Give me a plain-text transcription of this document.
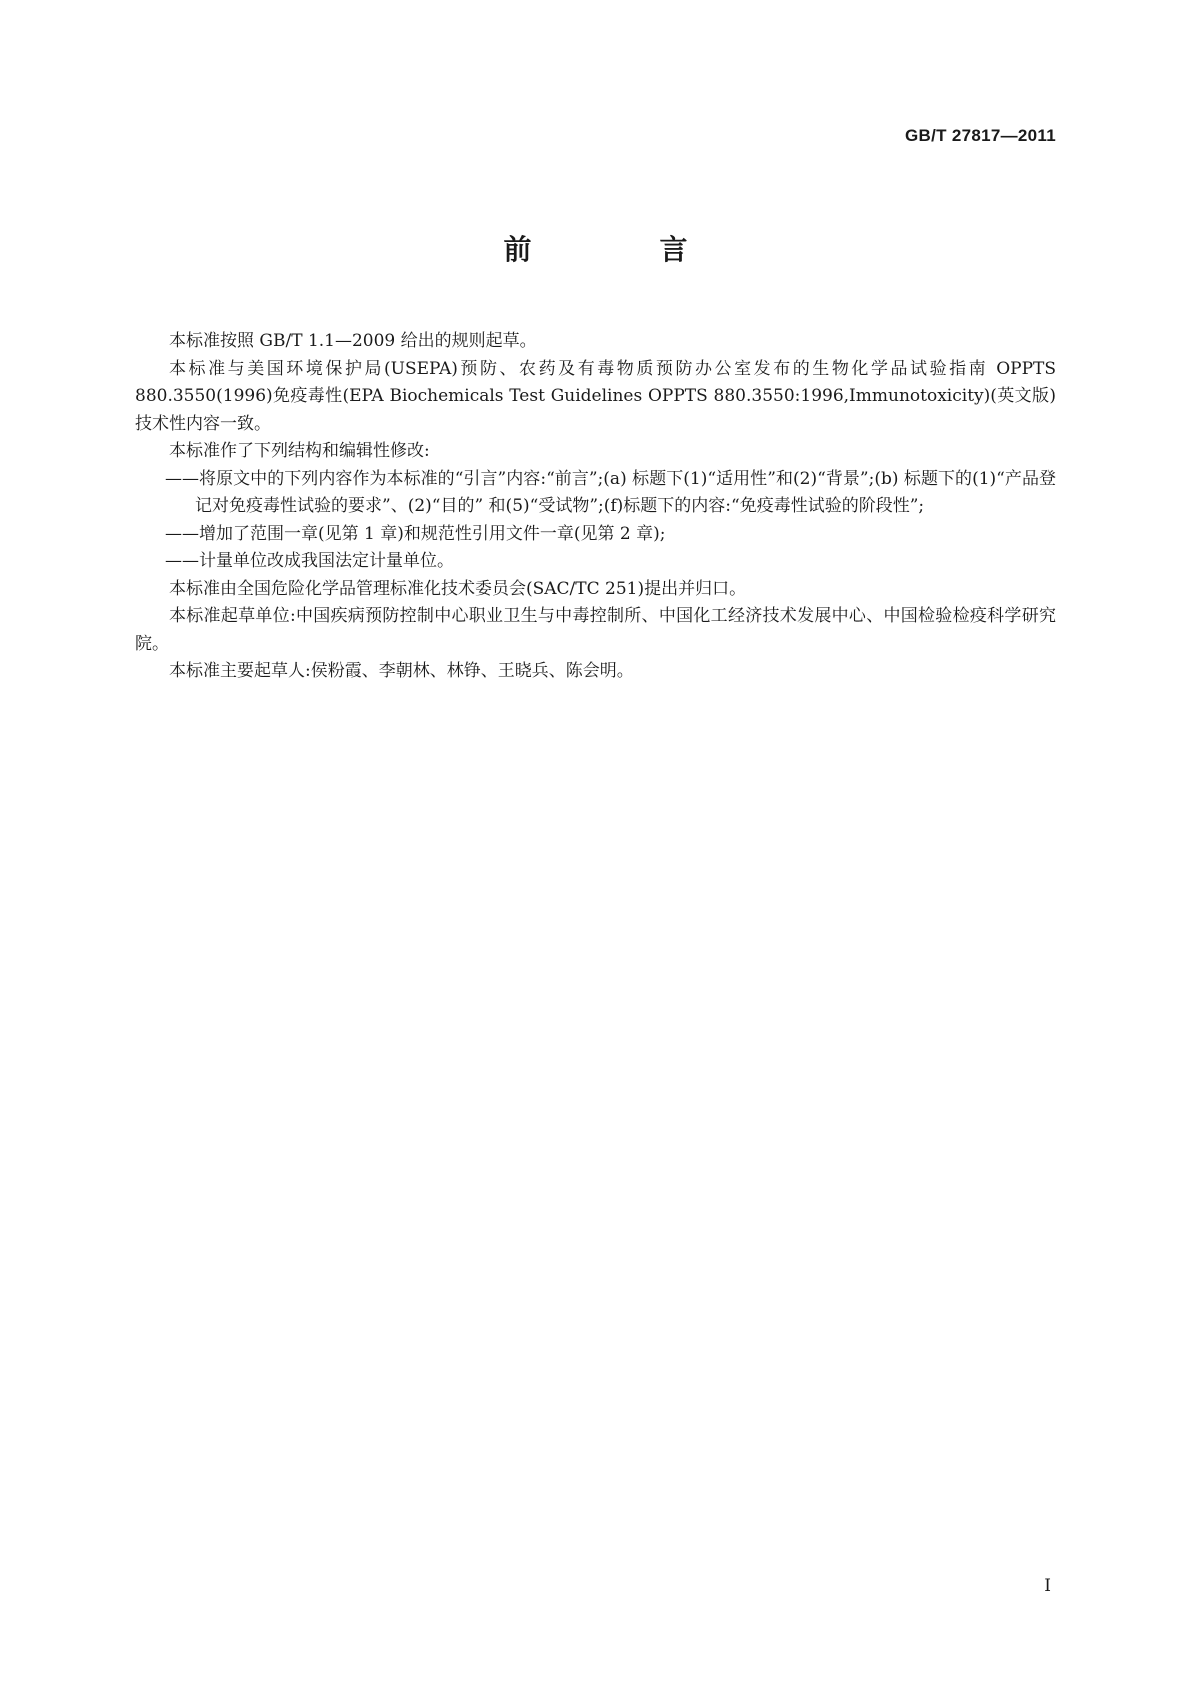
GB/T 27817—2011
前　言

本标准按照 GB/T 1.1—2009 给出的规则起草。

本标准与美国环境保护局(USEPA)预防、农药及有毒物质预防办公室发布的生物化学品试验指南 OPPTS 880.3550(1996)免疫毒性(EPA Biochemicals Test Guidelines OPPTS 880.3550:1996,Immunotoxicity)(英文版)技术性内容一致。

本标准作了下列结构和编辑性修改:

——将原文中的下列内容作为本标准的“引言”内容:“前言”;(a) 标题下(1)“适用性”和(2)“背景”;(b) 标题下的(1)“产品登记对免疫毒性试验的要求”、(2)“目的” 和(5)“受试物”;(f)标题下的内容:“免疫毒性试验的阶段性”;
——增加了范围一章(见第 1 章)和规范性引用文件一章(见第 2 章);
——计量单位改成我国法定计量单位。

本标准由全国危险化学品管理标准化技术委员会(SAC/TC 251)提出并归口。

本标准起草单位:中国疾病预防控制中心职业卫生与中毒控制所、中国化工经济技术发展中心、中国检验检疫科学研究院。

本标准主要起草人:侯粉霞、李朝林、林铮、王晓兵、陈会明。

I
